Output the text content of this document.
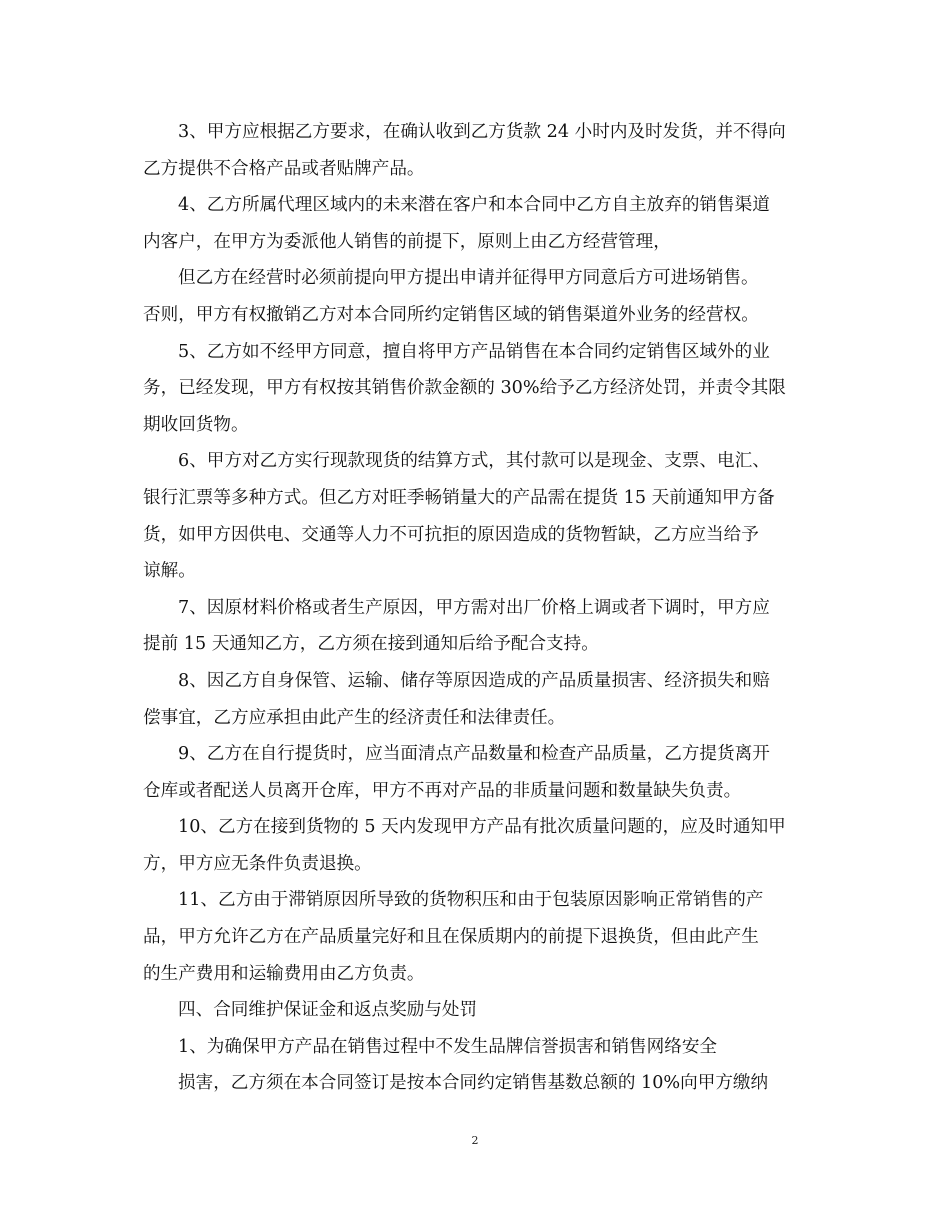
3、甲方应根据乙方要求，在确认收到乙方货款 24 小时内及时发货，并不得向

乙方提供不合格产品或者贴牌产品。

4、乙方所属代理区域内的未来潜在客户和本合同中乙方自主放弃的销售渠道

内客户，在甲方为委派他人销售的前提下，原则上由乙方经营管理，

但乙方在经营时必须前提向甲方提出申请并征得甲方同意后方可进场销售。

否则，甲方有权撤销乙方对本合同所约定销售区域的销售渠道外业务的经营权。

5、乙方如不经甲方同意，擅自将甲方产品销售在本合同约定销售区域外的业

务，已经发现，甲方有权按其销售价款金额的 30%给予乙方经济处罚，并责令其限

期收回货物。

6、甲方对乙方实行现款现货的结算方式，其付款可以是现金、支票、电汇、

银行汇票等多种方式。但乙方对旺季畅销量大的产品需在提货 15 天前通知甲方备

货，如甲方因供电、交通等人力不可抗拒的原因造成的货物暂缺，乙方应当给予

谅解。

7、因原材料价格或者生产原因，甲方需对出厂价格上调或者下调时，甲方应

提前 15 天通知乙方，乙方须在接到通知后给予配合支持。

8、因乙方自身保管、运输、储存等原因造成的产品质量损害、经济损失和赔

偿事宜，乙方应承担由此产生的经济责任和法律责任。

9、乙方在自行提货时，应当面清点产品数量和检查产品质量，乙方提货离开

仓库或者配送人员离开仓库，甲方不再对产品的非质量问题和数量缺失负责。

10、乙方在接到货物的 5 天内发现甲方产品有批次质量问题的，应及时通知甲

方，甲方应无条件负责退换。

11、乙方由于滞销原因所导致的货物积压和由于包装原因影响正常销售的产

品，甲方允许乙方在产品质量完好和且在保质期内的前提下退换货，但由此产生

的生产费用和运输费用由乙方负责。

四、合同维护保证金和返点奖励与处罚

1、为确保甲方产品在销售过程中不发生品牌信誉损害和销售网络安全

损害，乙方须在本合同签订是按本合同约定销售基数总额的 10%向甲方缴纳

2
